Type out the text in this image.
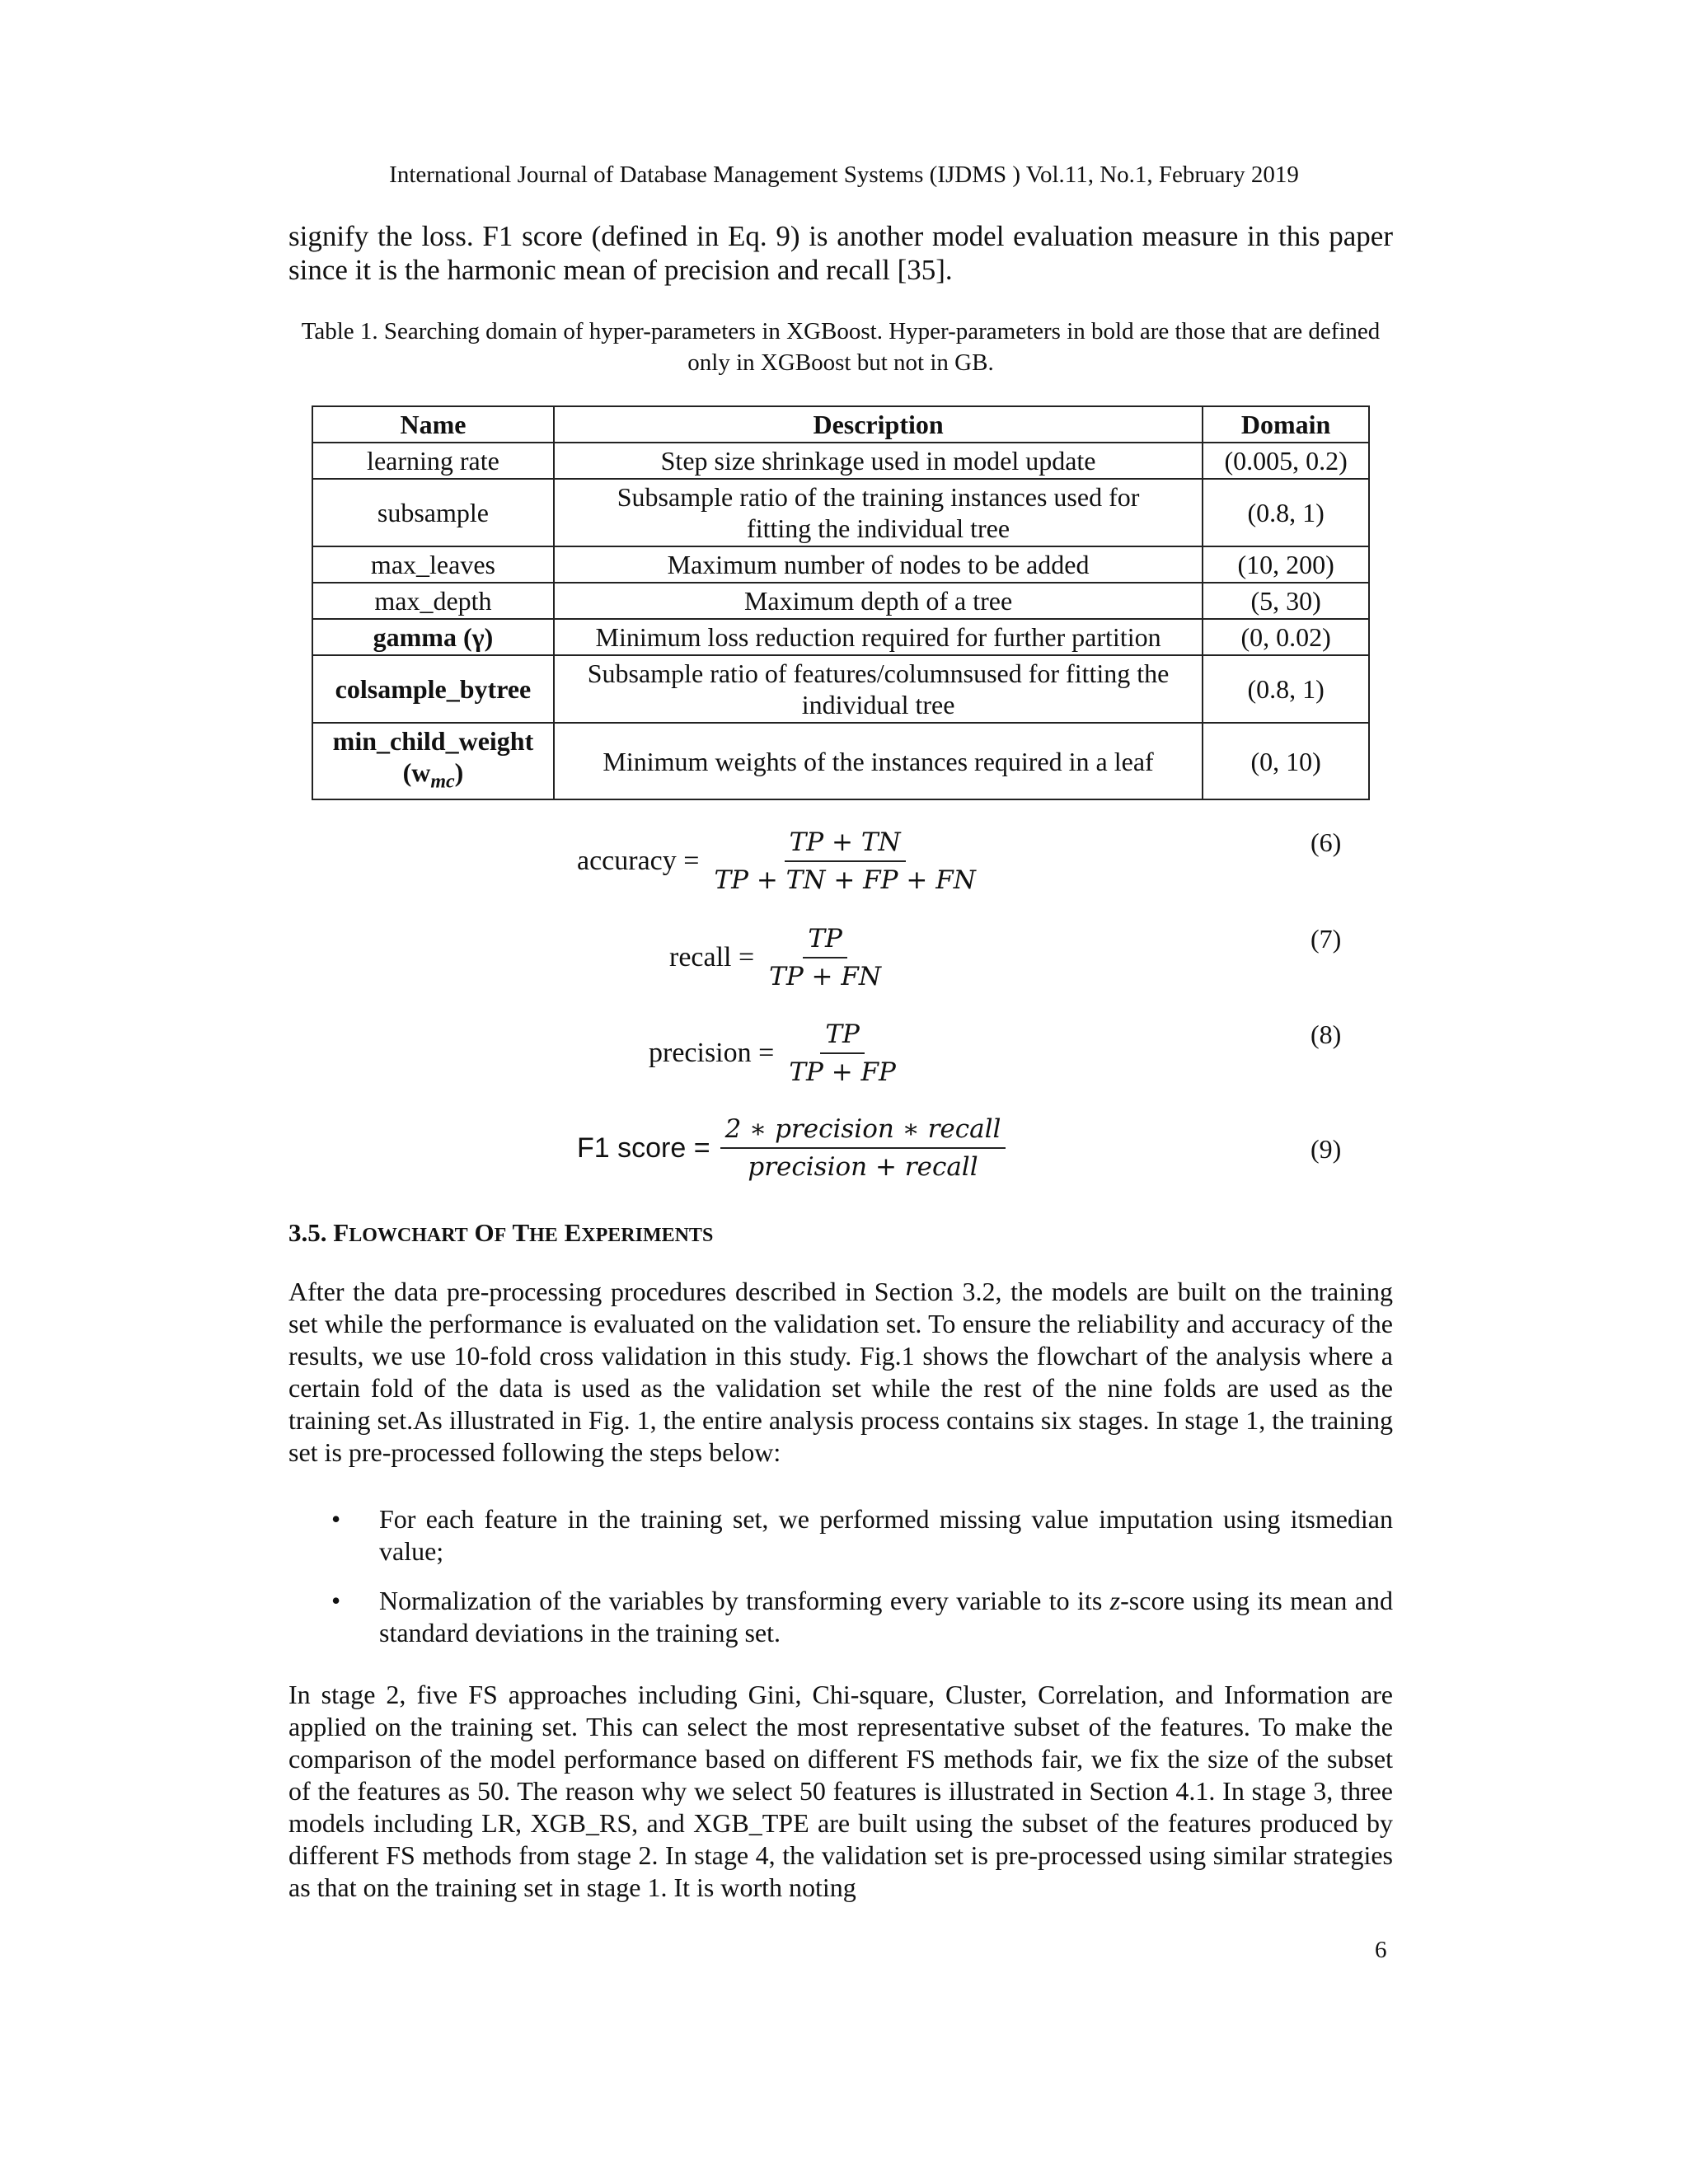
International Journal of Database Management Systems (IJDMS ) Vol.11, No.1, February 2019
signify the loss. F1 score (defined in Eq. 9) is another model evaluation measure in this paper since it is the harmonic mean of precision and recall [35].
Table 1. Searching domain of hyper-parameters in XGBoost. Hyper-parameters in bold are those that are defined only in XGBoost but not in GB.
Name	Description	Domain
learning rate	Step size shrinkage used in model update	(0.005, 0.2)
subsample	Subsample ratio of the training instances used for fitting the individual tree	(0.8, 1)
max_leaves	Maximum number of nodes to be added	(10, 200)
max_depth	Maximum depth of a tree	(5, 30)
gamma (γ)	Minimum loss reduction required for further partition	(0, 0.02)
colsample_bytree	Subsample ratio of features/columnsused for fitting the individual tree	(0.8, 1)
min_child_weight $(w_{mc})$	Minimum weights of the instances required in a leaf	(0, 10)
accuracy = $\frac{TP + TN}{TP + TN + FP + FN}$	(6)
recall = $\frac{TP}{TP + FN}$	(7)
precision = $\frac{TP}{TP + FP}$	(8)
F1 score = $\frac{\text{2 ∗ precision ∗ recall}}{\text{precision + recall}}$	(9)
3.5. FLOWCHART OF THE EXPERIMENTS
After the data pre-processing procedures described in Section 3.2, the models are built on the training set while the performance is evaluated on the validation set. To ensure the reliability and accuracy of the results, we use 10-fold cross validation in this study. Fig.1 shows the flowchart of the analysis where a certain fold of the data is used as the validation set while the rest of the nine folds are used as the training set.As illustrated in Fig. 1, the entire analysis process contains six stages. In stage 1, the training set is pre-processed following the steps below:
• For each feature in the training set, we performed missing value imputation using itsmedian value;
• Normalization of the variables by transforming every variable to its z-score using its mean and standard deviations in the training set.
In stage 2, five FS approaches including Gini, Chi-square, Cluster, Correlation, and Information are applied on the training set. This can select the most representative subset of the features. To make the comparison of the model performance based on different FS methods fair, we fix the size of the subset of the features as 50. The reason why we select 50 features is illustrated in Section 4.1. In stage 3, three models including LR, XGB_RS, and XGB_TPE are built using the subset of the features produced by different FS methods from stage 2. In stage 4, the validation set is pre-processed using similar strategies as that on the training set in stage 1. It is worth noting
6
